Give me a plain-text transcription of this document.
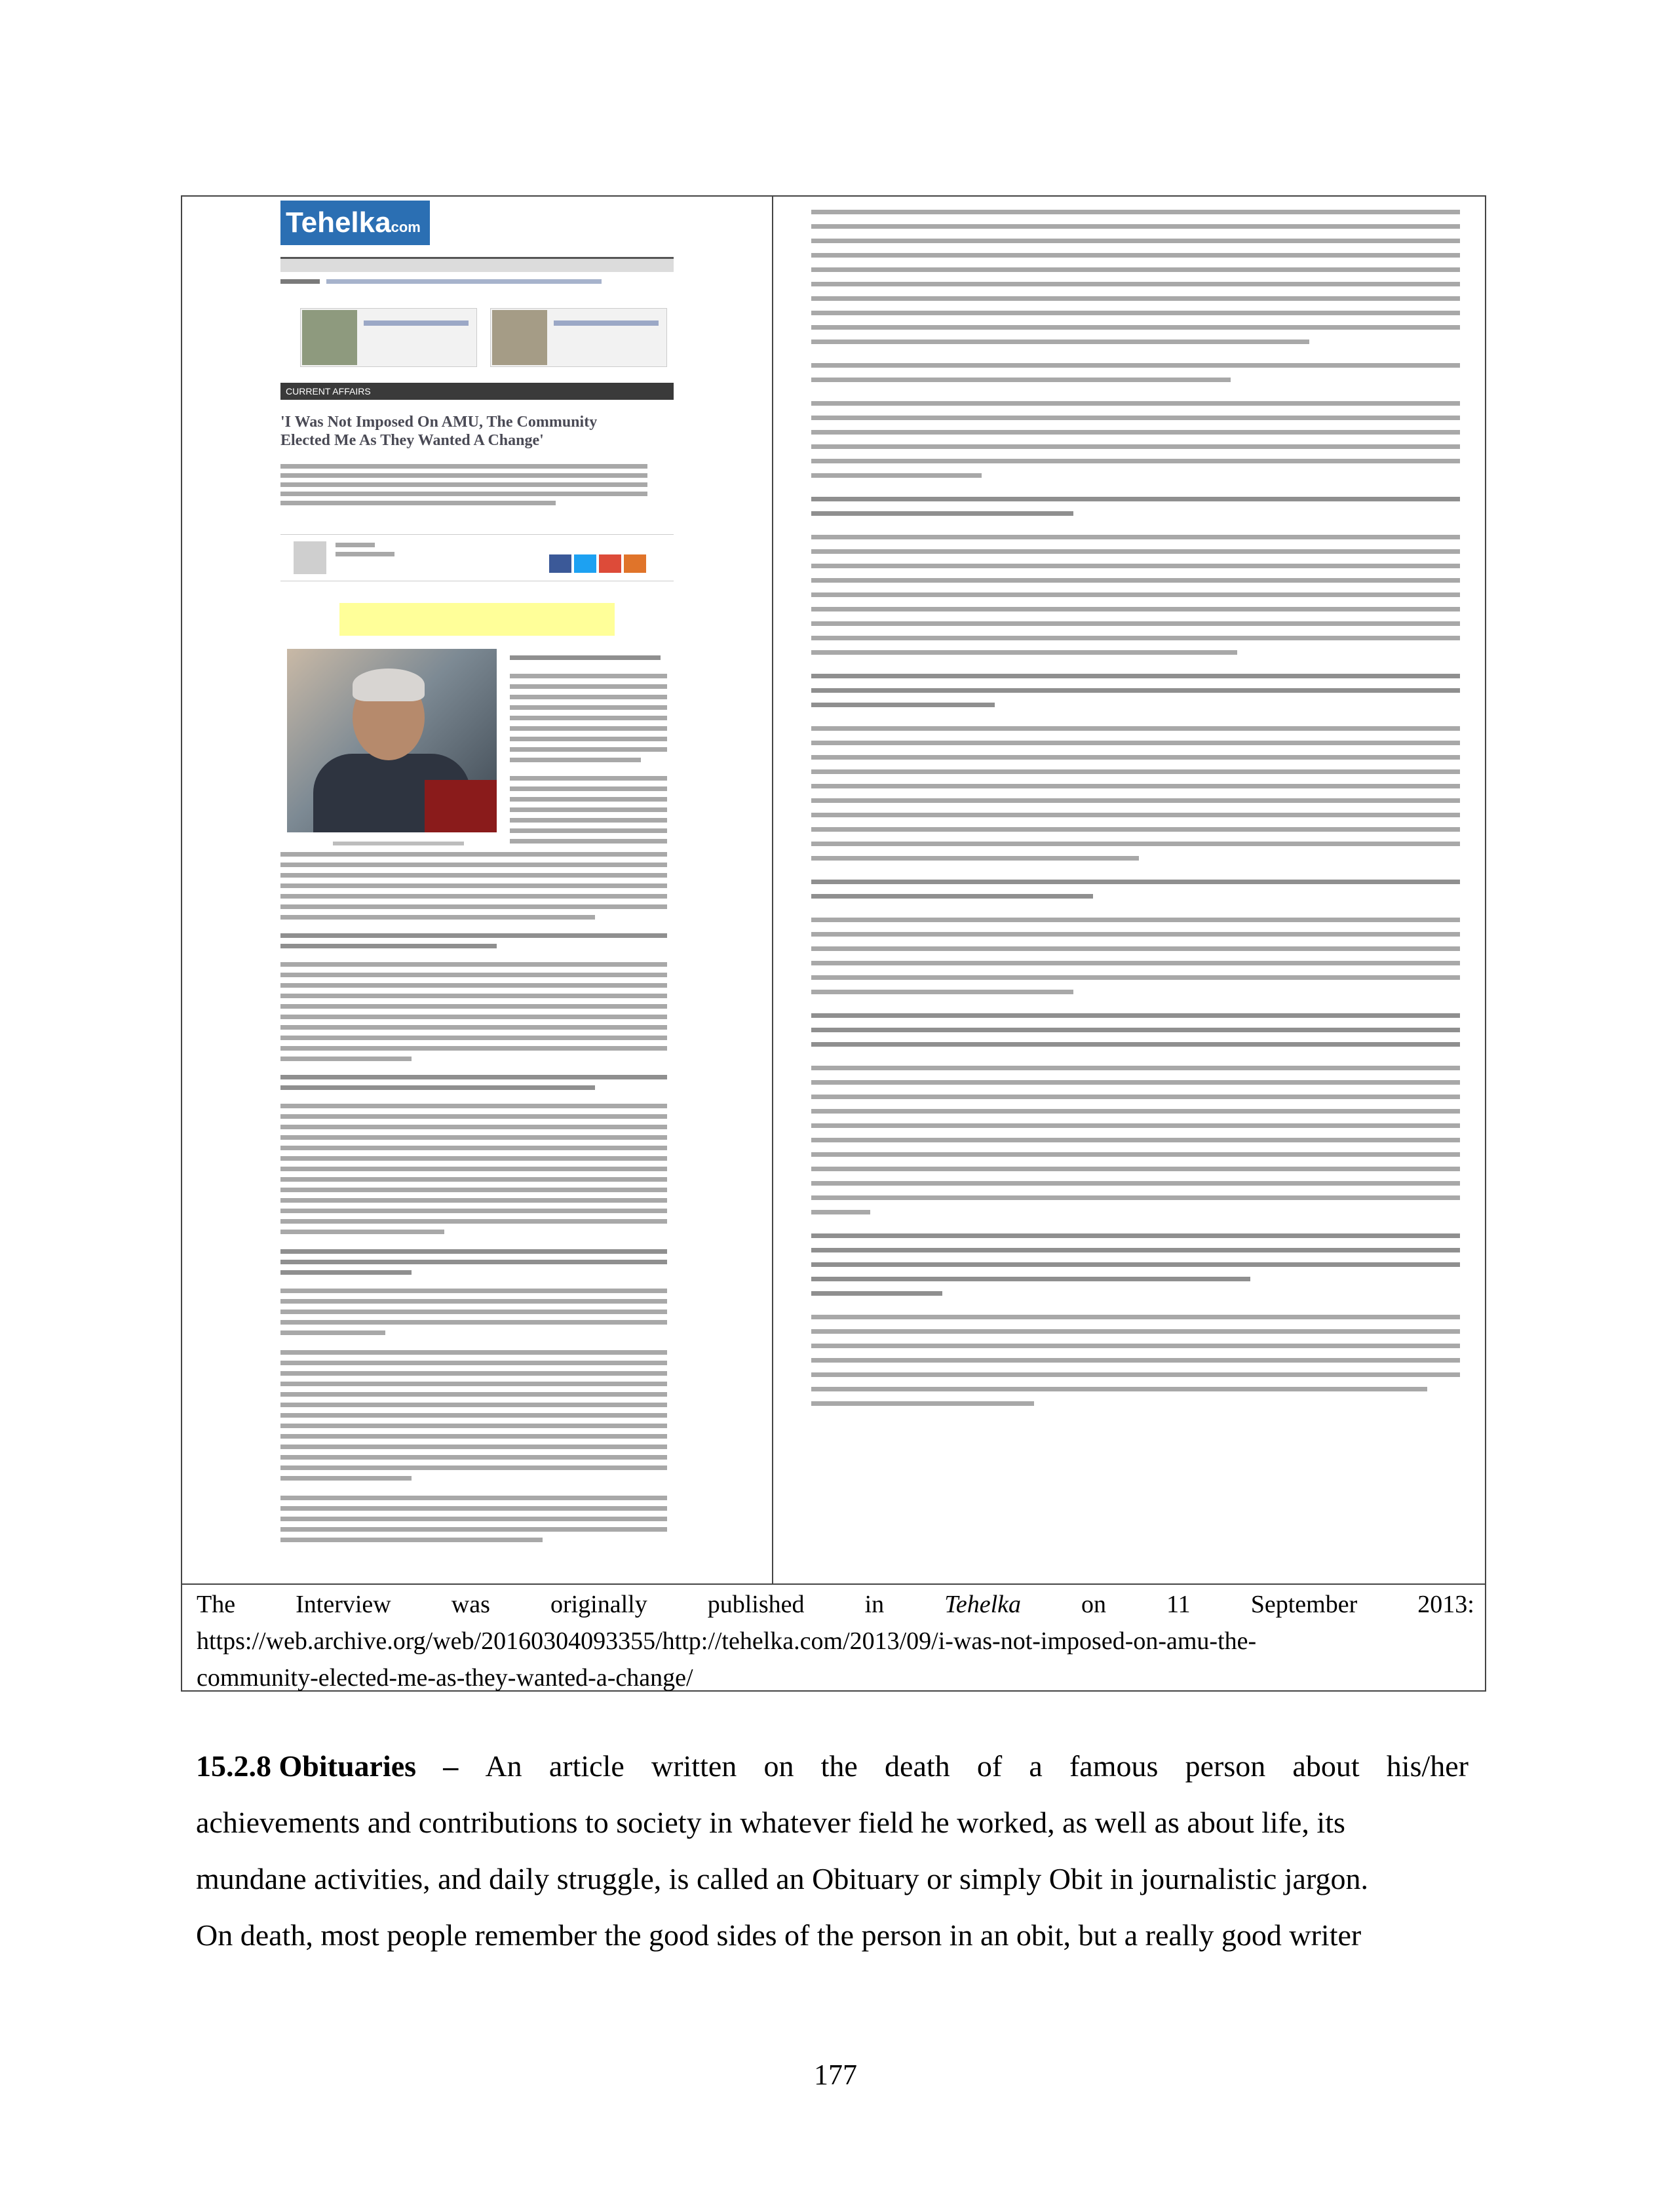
Tehelkacom
CURRENT AFFAIRS
'I Was Not Imposed On AMU, The Community Elected Me As They Wanted A Change'
The Interview was originally published in Tehelka on 11 September 2013:
https://web.archive.org/web/20160304093355/http://tehelka.com/2013/09/i-was-not-imposed-on-amu-the-
community-elected-me-as-they-wanted-a-change/
15.2.8 Obituaries – An article written on the death of a famous person about his/her
achievements and contributions to society in whatever field he worked, as well as about life, its
mundane activities, and daily struggle, is called an Obituary or simply Obit in journalistic jargon.
On death, most people remember the good sides of the person in an obit, but a really good writer
177
